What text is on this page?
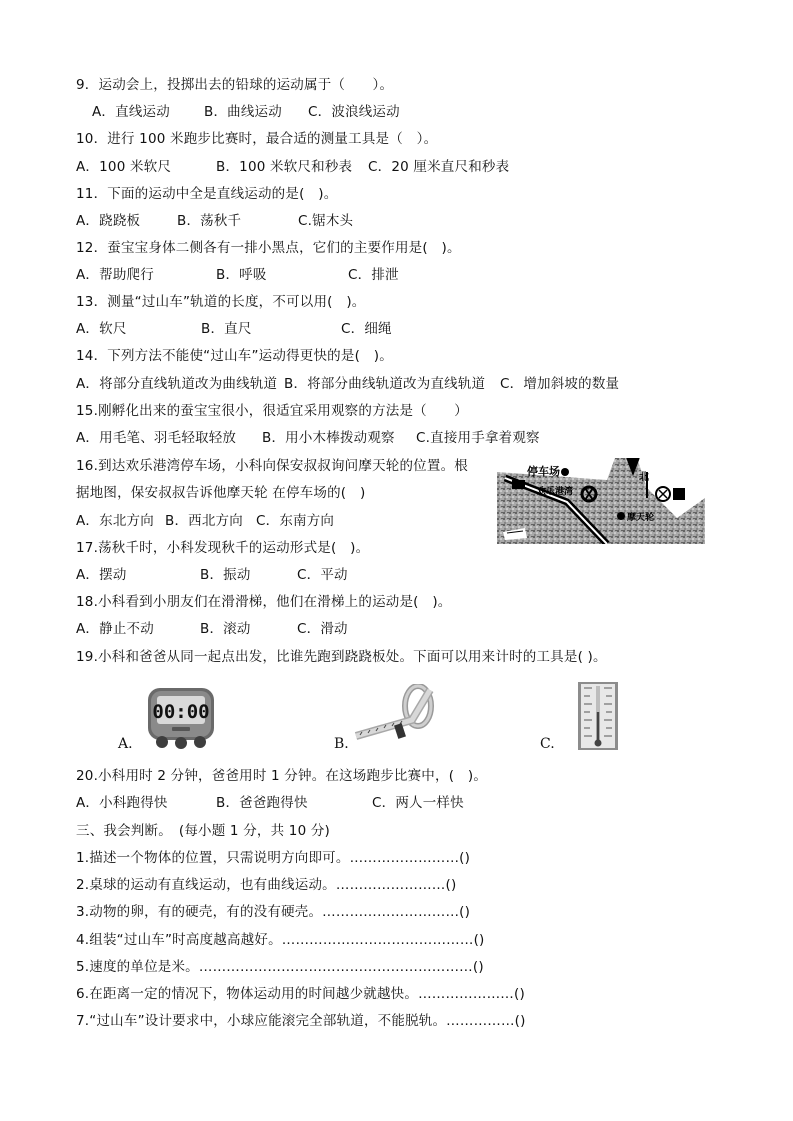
9．运动会上，投掷出去的铅球的运动属于（　　）。

A．直线运动	B．曲线运动 C．波浪线运动

10．进行 100 米跑步比赛时，最合适的测量工具是（　）。

A．100 米软尺	B．100 米软尺和秒表 C．20 厘米直尺和秒表

11．下面的运动中全是直线运动的是(　)。

A．跷跷板	B．荡秋千	C.锯木头

12．蚕宝宝身体二侧各有一排小黑点，它们的主要作用是(　)。

A．帮助爬行	B．呼吸	C．排泄

13．测量“过山车”轨道的长度，不可以用(　)。

A．软尺	B．直尺	C．细绳

14．下列方法不能使“过山车”运动得更快的是(　)。

A．将部分直线轨道改为曲线轨道 B．将部分曲线轨道改为直线轨道 C．增加斜坡的数量

15.刚孵化出来的蚕宝宝很小，很适宜采用观察的方法是（　　）

A．用毛笔、羽毛轻取轻放 B．用小木棒拨动观察 C.直接用手拿着观察

16.到达欢乐港湾停车场，小科向保安叔叔询问摩天轮的位置。根

据地图，保安叔叔告诉他摩天轮 在停车场的(　)

A．东北方向 B．西北方向 C．东南方向

停车场
欢乐港湾
北
摩天轮

17.荡秋千时，小科发现秋千的运动形式是(　)。

A．摆动	B．振动	C．平动

18.小科看到小朋友们在滑滑梯，他们在滑梯上的运动是(　)。

A．静止不动	B．滚动	C．滑动

19.小科和爸爸从同一起点出发，比谁先跑到跷跷板处。下面可以用来计时的工具是( )。

A.
00:00
B.	C.

20.小科用时 2 分钟，爸爸用时 1 分钟。在这场跑步比赛中，(　)。

A．小科跑得快	B．爸爸跑得快	C．两人一样快

三、我会判断。　(每小题 1 分，共 10 分)

1.描述一个物体的位置，只需说明方向即可。……………………()

2.桌球的运动有直线运动，也有曲线运动。……………………()

3.动物的卵，有的硬壳，有的没有硬壳。…………………………()

4.组装“过山车”时高度越高越好。……………………………………()

5.速度的单位是米。……………………………………………………()

6.在距离一定的情况下，物体运动用的时间越少就越快。…………………()

7.“过山车”设计要求中，小球应能滚完全部轨道，不能脱轨。……………()
